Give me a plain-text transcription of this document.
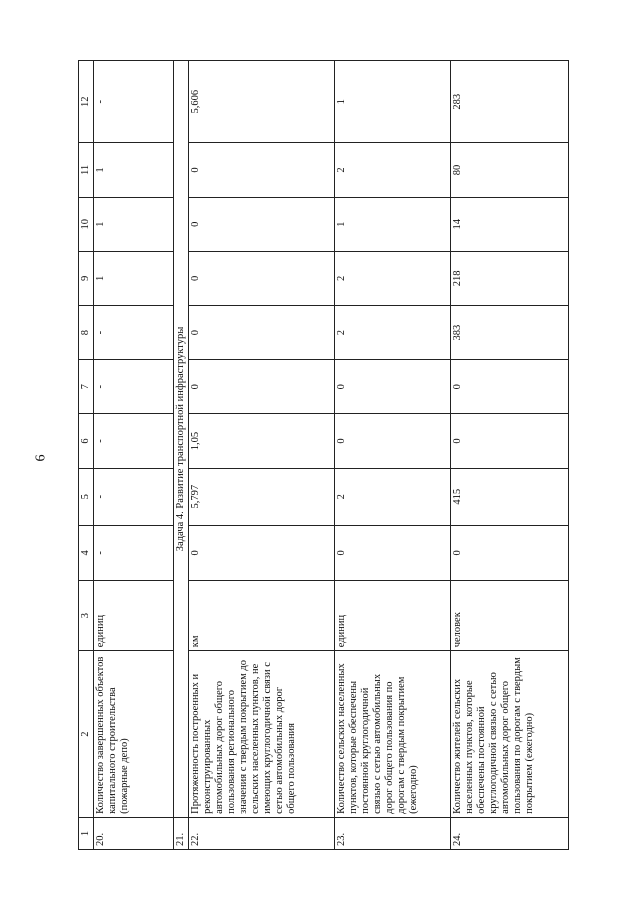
6
1	2	3	4	5	6	7	8	9	10	11	12
20.	Количество завершенных объектов капитального строительства (пожарные депо)	единиц	-	-	-	-	-	1	1	1	-
21.	Задача 4. Развитие транспортной инфраструктуры										
22.	Протяженность построенных и реконструированных автомобильных дорог общего пользования регионального значения с твердым покрытием до сельских населенных пунктов, не имеющих круглогодичной связи с сетью автомобильных дорог общего пользования	км	0	5,797	1,05	0	0	0	0	0	5,606
23.	Количество сельских населенных пунктов, которые обеспечены постоянной круглогодичной связью с сетью автомобильных дорог общего пользования по дорогам с твердым покрытием (ежегодно)	единиц	0	2	0	0	2	2	1	2	1
24.	Количество жителей сельских населенных пунктов, которые обеспечены постоянной круглогодичной связью с сетью автомобильных дорог общего пользования по дорогам с твердым покрытием (ежегодно)	человек	0	415	0	0	383	218	14	80	283
